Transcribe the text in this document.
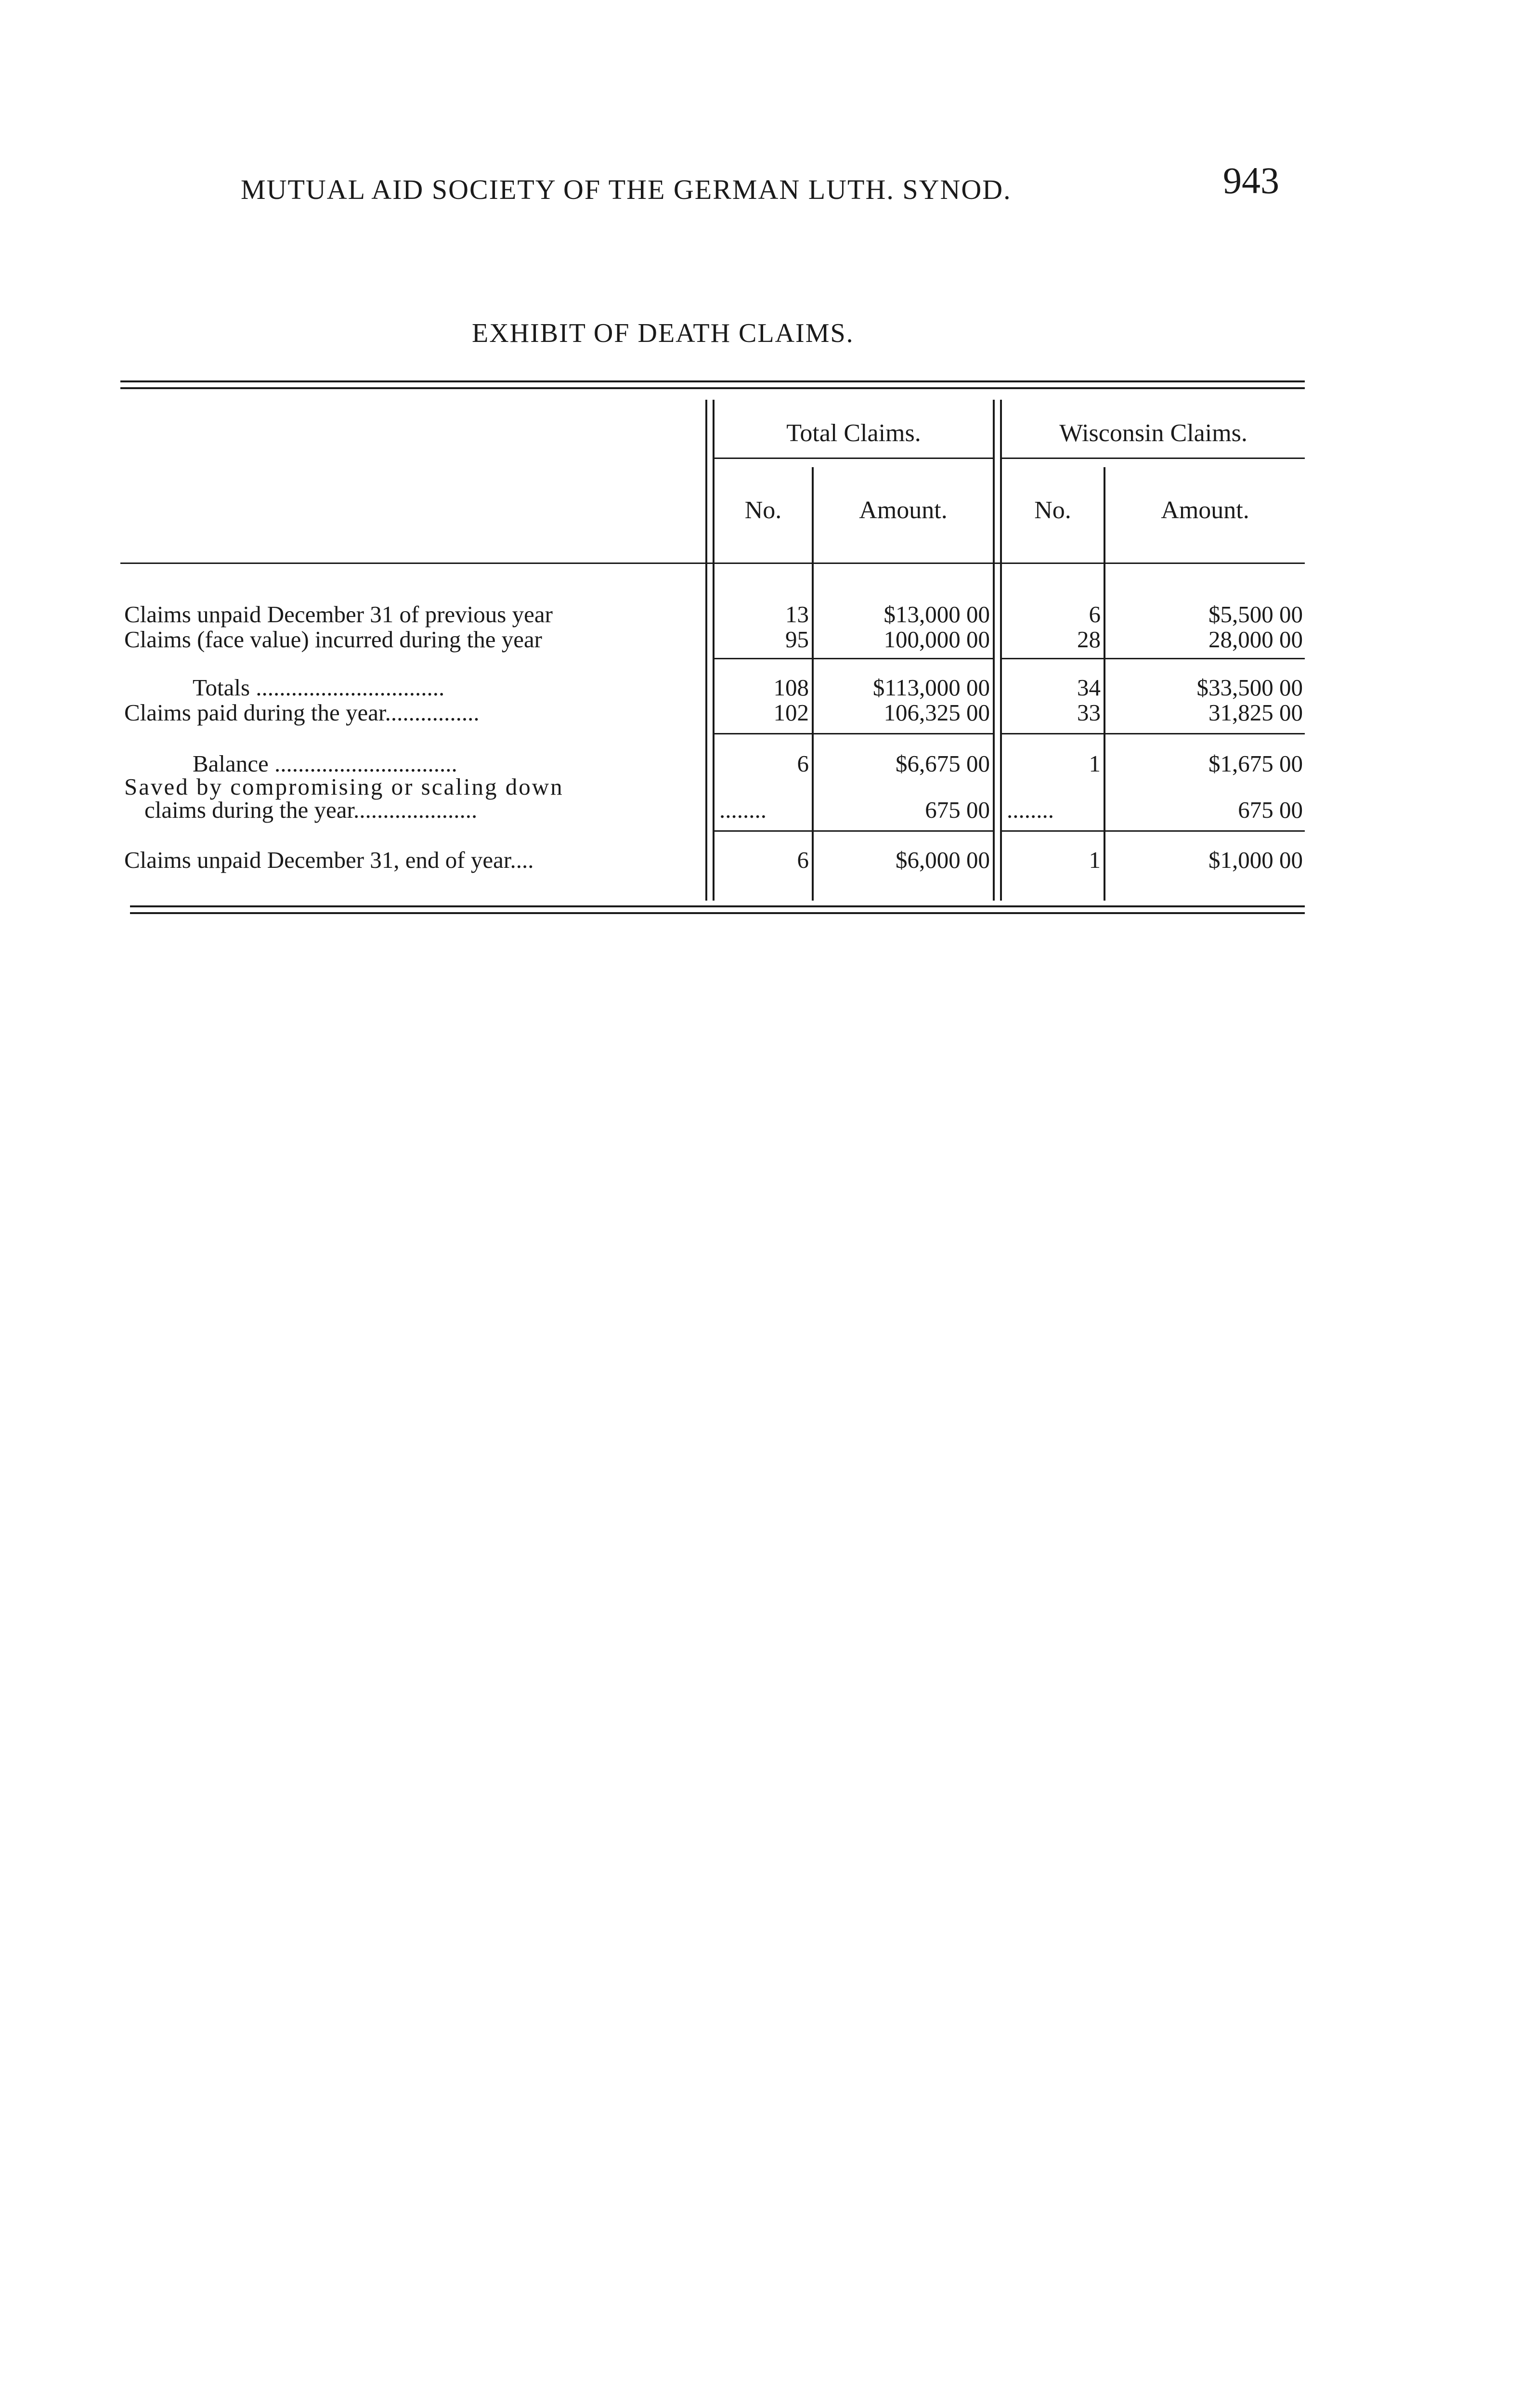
MUTUAL AID SOCIETY OF THE GERMAN LUTH. SYNOD.	943
EXHIBIT OF DEATH CLAIMS.
Total Claims.	Wisconsin Claims.
No.	Amount.	No.	Amount.
Claims unpaid December 31 of previous year	13	$13,000 00	6	$5,500 00
Claims (face value) incurred during the year	95	100,000 00	28	28,000 00
Totals ................................	108	$113,000 00	34	$33,500 00
Claims paid during the year................	102	106,325 00	33	31,825 00
Balance ...............................	6	$6,675 00	1	$1,675 00
Saved by compromising or scaling down
claims during the year.....................	........	675 00 ........	675 00
Claims unpaid December 31, end of year....	6	$6,000 00	1	$1,000 00
